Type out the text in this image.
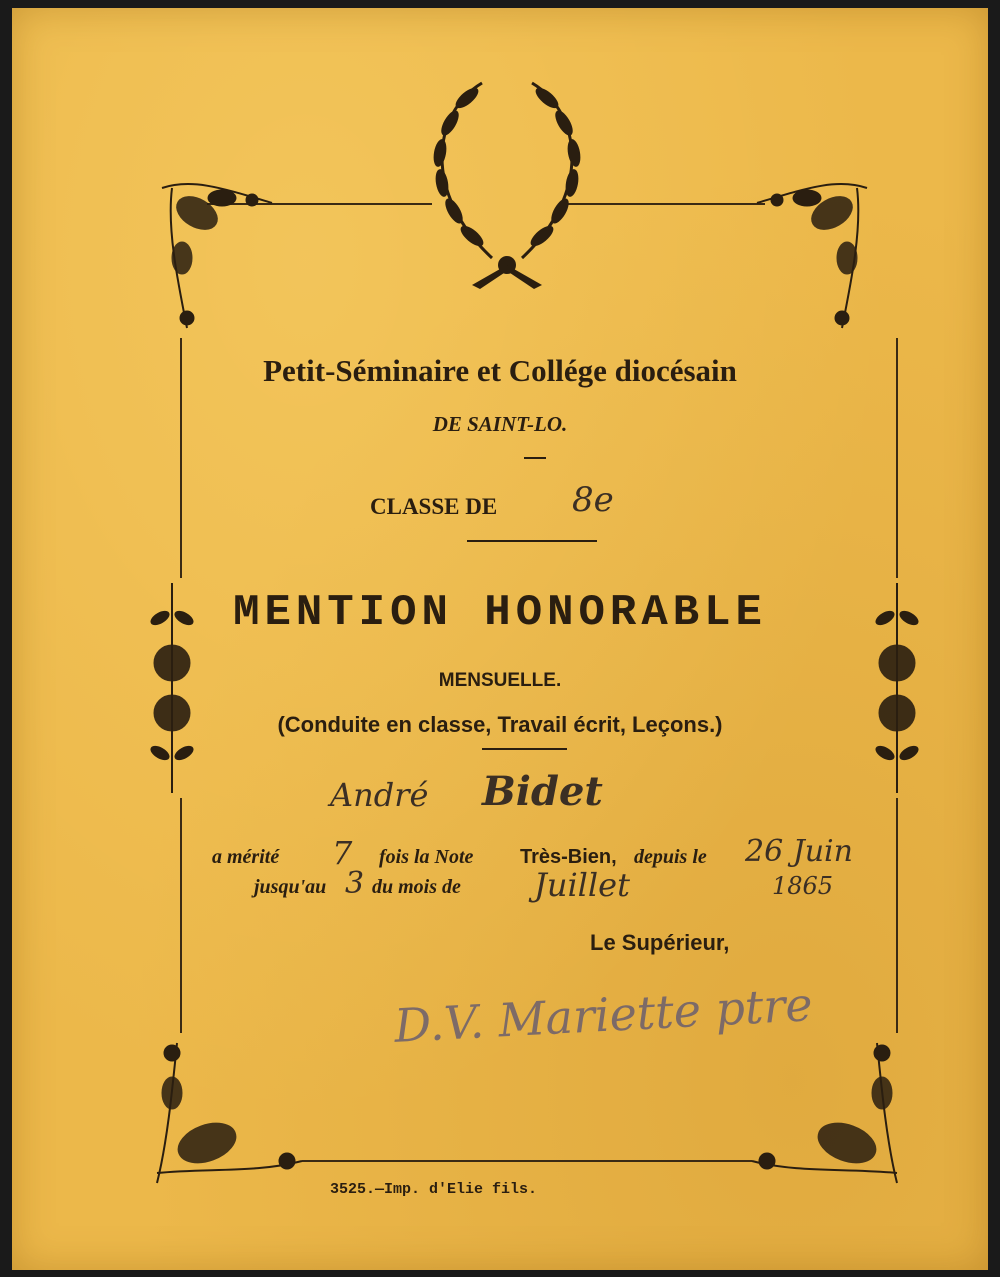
Petit-Séminaire et Collége diocésain
DE SAINT-LO.
CLASSE DE 8e
MENTION HONORABLE
MENSUELLE.
(Conduite en classe, Travail écrit, Leçons.)
André Bidet
a mérité 7 fois la Note Très-Bien, depuis le 26 Juin
jusqu'au 3 du mois de Juillet	1865
Le Supérieur,
D.V. Mariette ptre
3525.—Imp. d'Elie fils.
